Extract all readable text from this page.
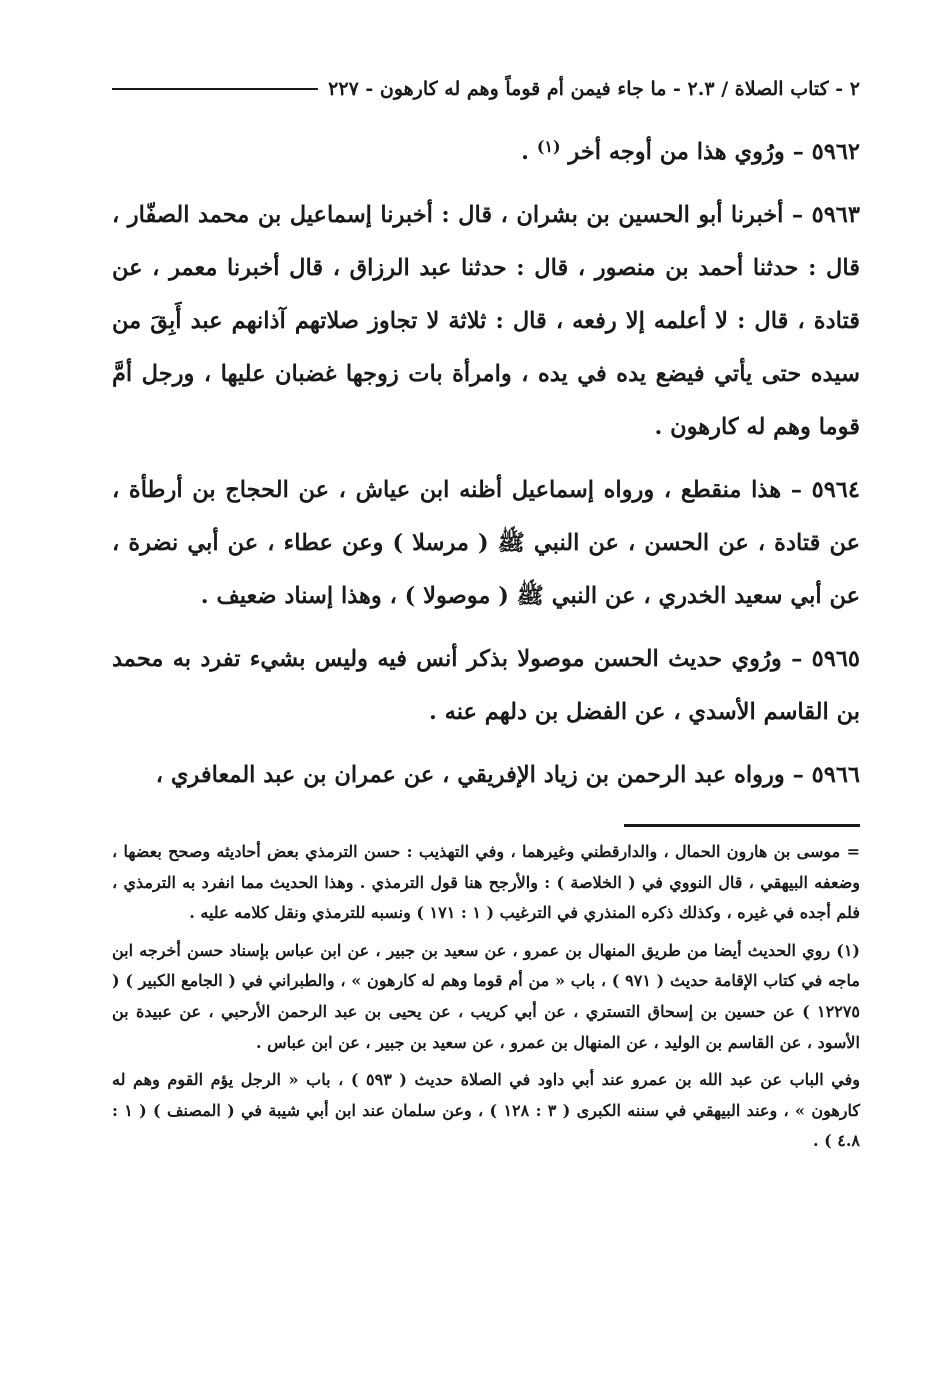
٢ - كتاب الصلاة / ٢.٣ - ما جاء فيمن أم قوماً وهم له كارهون - ٢٢٧

٥٩٦٢ – ورُوي هذا من أوجه أخر $^{(١)}$ .

٥٩٦٣ – أخبرنا أبو الحسين بن بشران ، قال : أخبرنا إسماعيل بن محمد الصفّار ، قال : حدثنا أحمد بن منصور ، قال : حدثنا عبد الرزاق ، قال أخبرنا معمر ، عن قتادة ، قال : لا أعلمه إلا رفعه ، قال : ثلاثة لا تجاوز صلاتهم آذانهم عبد أَبِقَ من سيده حتى يأتي فيضع يده في يده ، وامرأة بات زوجها غضبان عليها ، ورجل أمَّ قوما وهم له كارهون .

٥٩٦٤ – هذا منقطع ، ورواه إسماعيل أظنه ابن عياش ، عن الحجاج بن أرطأة ، عن قتادة ، عن الحسن ، عن النبي ﷺ ( مرسلا ) وعن عطاء ، عن أبي نضرة ، عن أبي سعيد الخدري ، عن النبي ﷺ ( موصولا ) ، وهذا إسناد ضعيف .

٥٩٦٥ – ورُوي حديث الحسن موصولا بذكر أنس فيه وليس بشيء تفرد به محمد بن القاسم الأسدي ، عن الفضل بن دلهم عنه .

٥٩٦٦ – ورواه عبد الرحمن بن زياد الإفريقي ، عن عمران بن عبد المعافري ،

= موسى بن هارون الحمال ، والدارقطني وغيرهما ، وفي التهذيب : حسن الترمذي بعض أحاديثه وصحح بعضها ، وضعفه البيهقي ، قال النووي في ( الخلاصة ) : والأرجح هنا قول الترمذي . وهذا الحديث مما انفرد به الترمذي ، فلم أجده في غيره ، وكذلك ذكره المنذري في الترغيب ( ١ : ١٧١ ) ونسبه للترمذي ونقل كلامه عليه .

(١) روي الحديث أيضا من طريق المنهال بن عمرو ، عن سعيد بن جبير ، عن ابن عباس بإسناد حسن أخرجه ابن ماجه في كتاب الإقامة حديث ( ٩٧١ ) ، باب « من أم قوما وهم له كارهون » ، والطبراني في ( الجامع الكبير ) ( ١٢٢٧٥ ) عن حسين بن إسحاق التستري ، عن أبي كريب ، عن يحيى بن عبد الرحمن الأرحبي ، عن عبيدة بن الأسود ، عن القاسم بن الوليد ، عن المنهال بن عمرو ، عن سعيد بن جبير ، عن ابن عباس .

وفي الباب عن عبد الله بن عمرو عند أبي داود في الصلاة حديث ( ٥٩٣ ) ، باب « الرجل يؤم القوم وهم له كارهون » ، وعند البيهقي في سننه الكبرى ( ٣ : ١٢٨ ) ، وعن سلمان عند ابن أبي شيبة في ( المصنف ) ( ١ : ٤.٨ ) .
